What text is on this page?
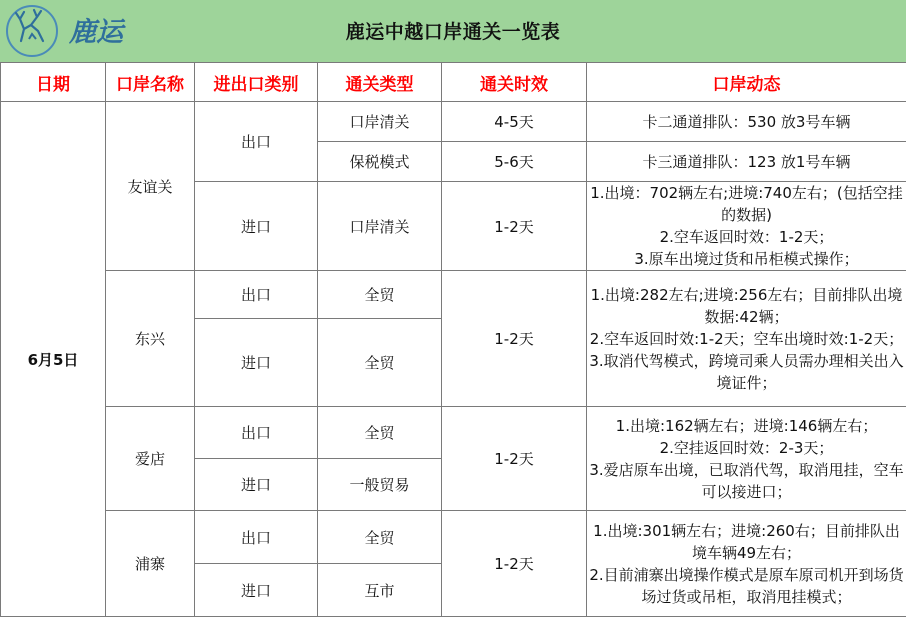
鹿运	鹿运中越口岸通关一览表
日期	口岸名称	进出口类别	通关类型	通关时效	口岸动态
6月5日	友谊关	出口	口岸清关	4-5天	卡二通道排队：530 放3号车辆
			保税模式	5-6天	卡三通道排队：123 放1号车辆
		进口	口岸清关	1-2天	1.出境：702辆左右;进境:740左右；(包括空挂的数据)
2.空车返回时效：1-2天；
3.原车出境过货和吊柜模式操作；
	东兴	出口	全贸	1-2天	1.出境:282左右;进境:256左右；目前排队出境数据:42辆；
2.空车返回时效:1-2天；空车出境时效:1-2天；
3.取消代驾模式，跨境司乘人员需办理相关出入境证件；
		进口	全贸		
	爱店	出口	全贸	1-2天	1.出境:162辆左右；进境:146辆左右；
2.空挂返回时效：2-3天；
3.爱店原车出境，已取消代驾，取消甩挂，空车可以接进口；
		进口	一般贸易		
	浦寨	出口	全贸	1-2天	1.出境:301辆左右；进境:260右；目前排队出境车辆49左右；
2.目前浦寨出境操作模式是原车原司机开到场货场过货或吊柜，取消甩挂模式；
		进口	互市		
